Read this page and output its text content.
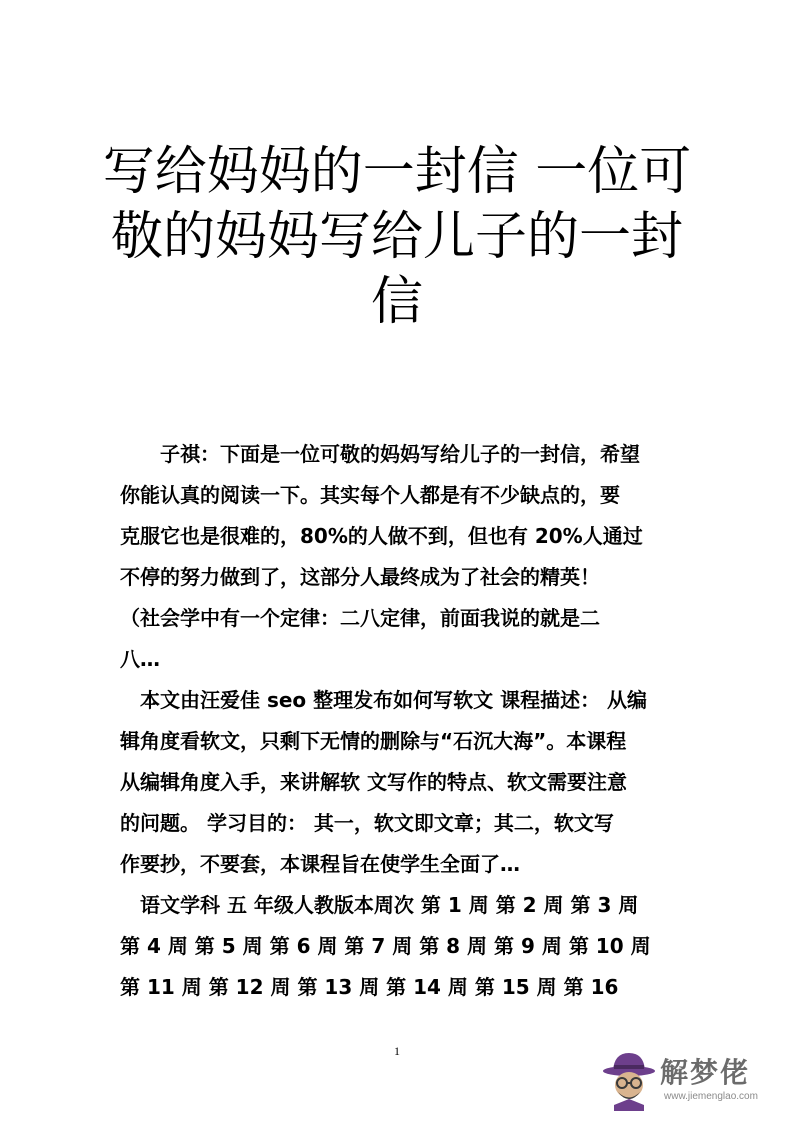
写给妈妈的一封信 一位可
敬的妈妈写给儿子的一封
信

子祺：下面是一位可敬的妈妈写给儿子的一封信，希望
你能认真的阅读一下。其实每个人都是有不少缺点的，要
克服它也是很难的，80%的人做不到，但也有 20%人通过
不停的努力做到了，这部分人最终成为了社会的精英！
（社会学中有一个定律：二八定律，前面我说的就是二
八…

本文由汪爱佳 seo 整理发布如何写软文 课程描述： 从编
辑角度看软文，只剩下无情的删除与“石沉大海”。本课程
从编辑角度入手，来讲解软 文写作的特点、软文需要注意
的问题。 学习目的： 其一，软文即文章；其二，软文写
作要抄，不要套，本课程旨在使学生全面了…

语文学科 五 年级人教版本周次 第 1 周 第 2 周 第 3 周
第 4 周 第 5 周 第 6 周 第 7 周 第 8 周 第 9 周 第 10 周
第 11 周 第 12 周 第 13 周 第 14 周 第 15 周 第 16

1
解梦佬
www.jiemenglao.com
